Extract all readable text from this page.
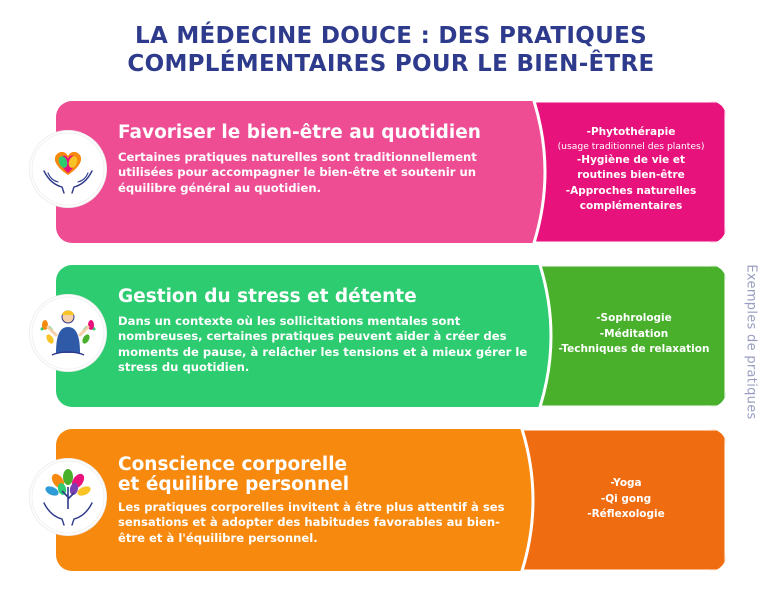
LA MÉDECINE DOUCE : DES PRATIQUES
COMPLÉMENTAIRES POUR LE BIEN-ÊTRE
Favoriser le bien-être au quotidien
Certaines pratiques naturelles sont traditionnellement utilisées pour accompagner le bien-être et soutenir un équilibre général au quotidien.
-Phytothérapie
(usage traditionnel des plantes)
-Hygiène de vie et
routines bien-être
-Approches naturelles
complémentaires
Gestion du stress et détente
Dans un contexte où les sollicitations mentales sont nombreuses, certaines pratiques peuvent aider à créer des moments de pause, à relâcher les tensions et à mieux gérer le stress du quotidien.
-Sophrologie
-Méditation
-Techniques de relaxation
Conscience corporelle
et équilibre personnel
Les pratiques corporelles invitent à être plus attentif à ses sensations et à adopter des habitudes favorables au bien-être et à l'équilibre personnel.
-Yoga
-Qi gong
-Réflexologie
Exemples de pratiques
